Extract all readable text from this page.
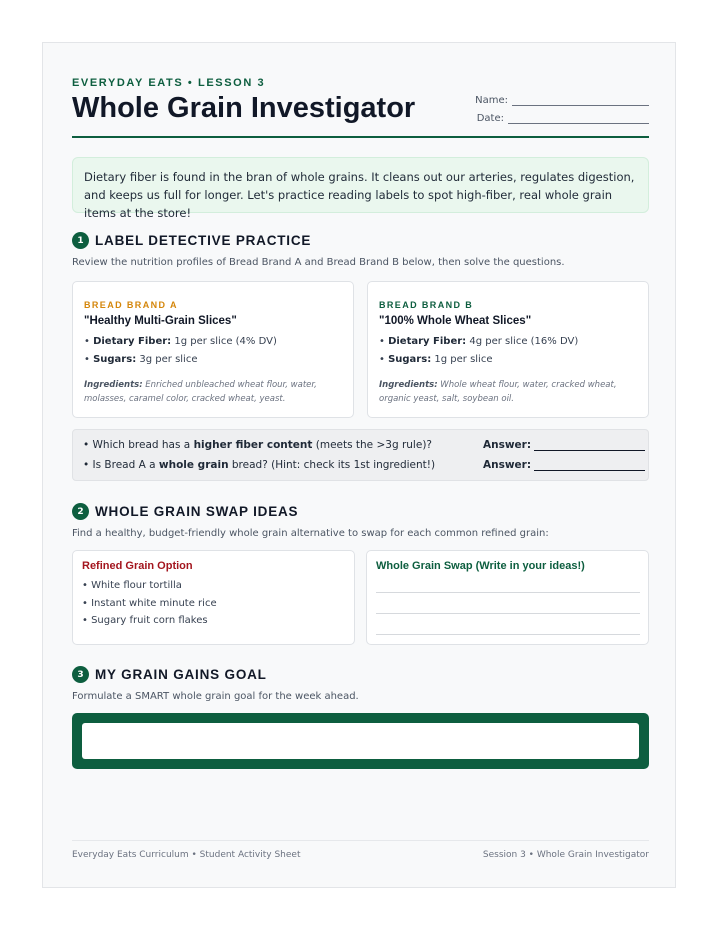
EVERYDAY EATS • LESSON 3
Whole Grain Investigator	Name:
Date:
Dietary fiber is found in the bran of whole grains. It cleans out our arteries, regulates digestion, and keeps us full for longer. Let's practice reading labels to spot high-fiber, real whole grain items at the store!
1 LABEL DETECTIVE PRACTICE
Review the nutrition profiles of Bread Brand A and Bread Brand B below, then solve the questions.
BREAD BRAND A
"Healthy Multi-Grain Slices"
• Dietary Fiber: 1g per slice (4% DV)
• Sugars: 3g per slice
Ingredients: Enriched unbleached wheat flour, water, molasses, caramel color, cracked wheat, yeast.
BREAD BRAND B
"100% Whole Wheat Slices"
• Dietary Fiber: 4g per slice (16% DV)
• Sugars: 1g per slice
Ingredients: Whole wheat flour, water, cracked wheat, organic yeast, salt, soybean oil.
• Which bread has a higher fiber content (meets the >3g rule)?	Answer:
• Is Bread A a whole grain bread? (Hint: check its 1st ingredient!)	Answer:
2 WHOLE GRAIN SWAP IDEAS
Find a healthy, budget-friendly whole grain alternative to swap for each common refined grain:
Refined Grain Option
• White flour tortilla
• Instant white minute rice
• Sugary fruit corn flakes
Whole Grain Swap (Write in your ideas!)
3 MY GRAIN GAINS GOAL
Formulate a SMART whole grain goal for the week ahead.
Everyday Eats Curriculum • Student Activity Sheet	Session 3 • Whole Grain Investigator
